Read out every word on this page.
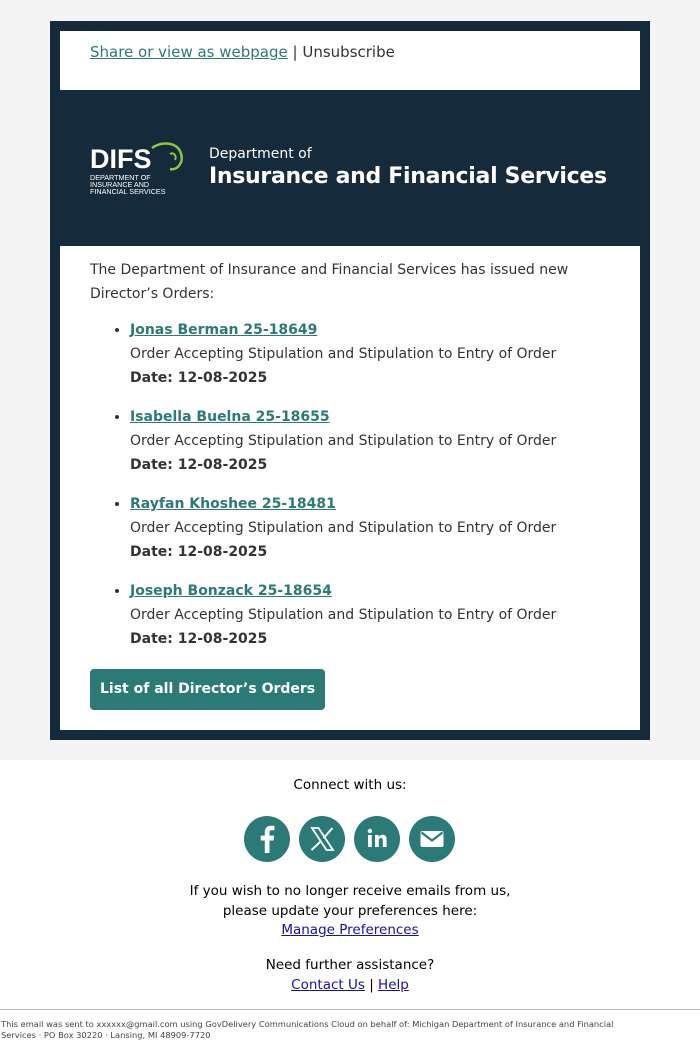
Share or view as webpage | Unsubscribe
DIFS
DEPARTMENT OF
INSURANCE AND
FINANCIAL SERVICES
Department of
Insurance and Financial Services

The Department of Insurance and Financial Services has issued new Director’s Orders:

• Jonas Berman 25-18649
Order Accepting Stipulation and Stipulation to Entry of Order
Date: 12-08-2025
• Isabella Buelna 25-18655
Order Accepting Stipulation and Stipulation to Entry of Order
Date: 12-08-2025
• Rayfan Khoshee 25-18481
Order Accepting Stipulation and Stipulation to Entry of Order
Date: 12-08-2025
• Joseph Bonzack 25-18654
Order Accepting Stipulation and Stipulation to Entry of Order
Date: 12-08-2025
List of all Director’s Orders
Connect with us:
If you wish to no longer receive emails from us,
please update your preferences here:
Manage Preferences
Need further assistance?
Contact Us | Help
This email was sent to xxxxxx@gmail.com using GovDelivery Communications Cloud on behalf of: Michigan Department of Insurance and Financial Services · PO Box 30220 · Lansing, MI 48909-7720
